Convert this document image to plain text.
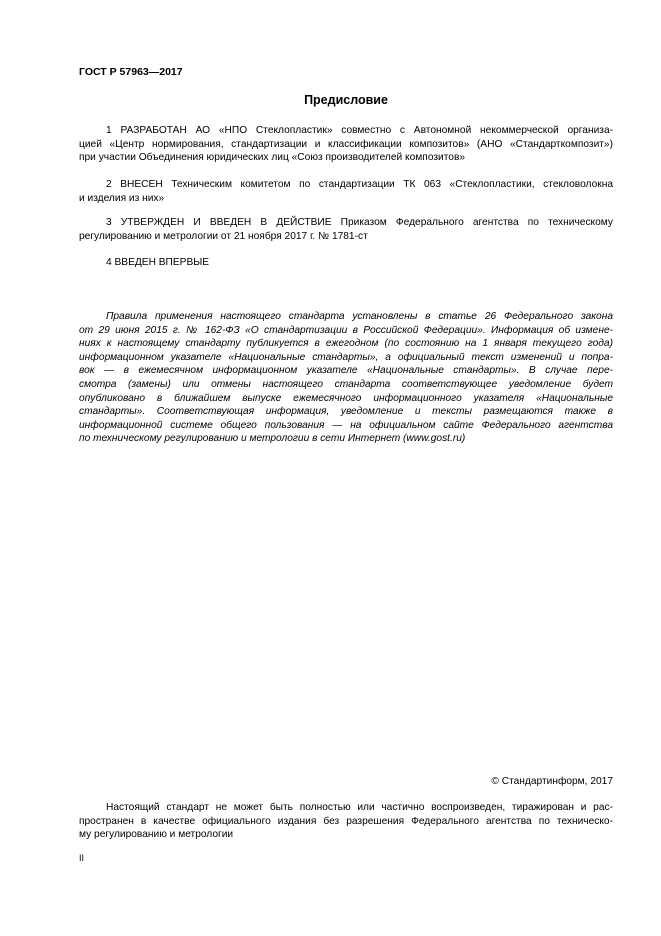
ГОСТ Р 57963—2017
Предисловие
1 РАЗРАБОТАН АО «НПО Стеклопластик» совместно с Автономной некоммерческой организа-
цией «Центр нормирования, стандартизации и классификации композитов» (АНО «Стандарткомпозит»)
при участии Объединения юридических лиц «Союз производителей композитов»
2 ВНЕСЕН Техническим комитетом по стандартизации ТК 063 «Стеклопластики, стекловолокна
и изделия из них»
3 УТВЕРЖДЕН И ВВЕДЕН В ДЕЙСТВИЕ Приказом Федерального агентства по техническому
регулированию и метрологии от 21 ноября 2017 г. № 1781-ст
4 ВВЕДЕН ВПЕРВЫЕ
Правила применения настоящего стандарта установлены в статье 26 Федерального закона
от 29 июня 2015 г. № 162-ФЗ «О стандартизации в Российской Федерации». Информация об измене-
ниях к настоящему стандарту публикуется в ежегодном (по состоянию на 1 января текущего года)
информационном указателе «Национальные стандарты», а официальный текст изменений и попра-
вок — в ежемесячном информационном указателе «Национальные стандарты». В случае пере-
смотра (замены) или отмены настоящего стандарта соответствующее уведомление будет
опубликовано в ближайшем выпуске ежемесячного информационного указателя «Национальные
стандарты». Соответствующая информация, уведомление и тексты размещаются также в
информационной системе общего пользования — на официальном сайте Федерального агентства
по техническому регулированию и метрологии в сети Интернет (www.gost.ru)
© Стандартинформ, 2017
Настоящий стандарт не может быть полностью или частично воспроизведен, тиражирован и рас-
пространен в качестве официального издания без разрешения Федерального агентства по техническо-
му регулированию и метрологии
II
